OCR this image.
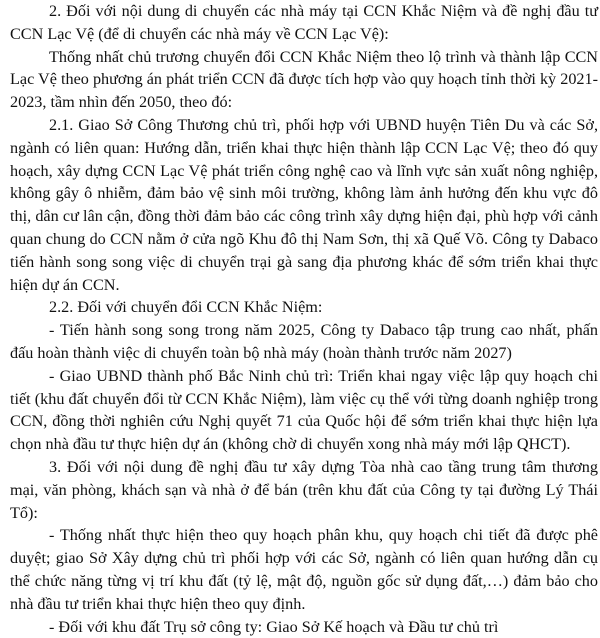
2. Đối với nội dung di chuyển các nhà máy tại CCN Khắc Niệm và đề nghị đầu tư CCN Lạc Vệ (để di chuyển các nhà máy về CCN Lạc Vệ):

Thống nhất chủ trương chuyển đổi CCN Khắc Niệm theo lộ trình và thành lập CCN Lạc Vệ theo phương án phát triển CCN đã được tích hợp vào quy hoạch tỉnh thời kỳ 2021-2023, tầm nhìn đến 2050, theo đó:

2.1. Giao Sở Công Thương chủ trì, phối hợp với UBND huyện Tiên Du và các Sở, ngành có liên quan: Hướng dẫn, triển khai thực hiện thành lập CCN Lạc Vệ; theo đó quy hoạch, xây dựng CCN Lạc Vệ phát triển công nghệ cao và lĩnh vực sản xuất nông nghiệp, không gây ô nhiễm, đảm bảo vệ sinh môi trường, không làm ảnh hưởng đến khu vực đô thị, dân cư lân cận, đồng thời đảm bảo các công trình xây dựng hiện đại, phù hợp với cảnh quan chung do CCN nằm ở cửa ngõ Khu đô thị Nam Sơn, thị xã Quế Võ. Công ty Dabaco tiến hành song song việc di chuyển trại gà sang địa phương khác để sớm triển khai thực hiện dự án CCN.

2.2. Đối với chuyển đổi CCN Khắc Niệm:

- Tiến hành song song trong năm 2025, Công ty Dabaco tập trung cao nhất, phấn đấu hoàn thành việc di chuyển toàn bộ nhà máy (hoàn thành trước năm 2027)

- Giao UBND thành phố Bắc Ninh chủ trì: Triển khai ngay việc lập quy hoạch chi tiết (khu đất chuyển đổi từ CCN Khắc Niệm), làm việc cụ thể với từng doanh nghiệp trong CCN, đồng thời nghiên cứu Nghị quyết 71 của Quốc hội để sớm triển khai thực hiện lựa chọn nhà đầu tư thực hiện dự án (không chờ di chuyển xong nhà máy mới lập QHCT).

3. Đối với nội dung đề nghị đầu tư xây dựng Tòa nhà cao tầng trung tâm thương mại, văn phòng, khách sạn và nhà ở để bán (trên khu đất của Công ty tại đường Lý Thái Tổ):

- Thống nhất thực hiện theo quy hoạch phân khu, quy hoạch chi tiết đã được phê duyệt; giao Sở Xây dựng chủ trì phối hợp với các Sở, ngành có liên quan hướng dẫn cụ thể chức năng từng vị trí khu đất (tỷ lệ, mật độ, nguồn gốc sử dụng đất,…) đảm bảo cho nhà đầu tư triển khai thực hiện theo quy định.

- Đối với khu đất Trụ sở công ty: Giao Sở Kế hoạch và Đầu tư chủ trì
